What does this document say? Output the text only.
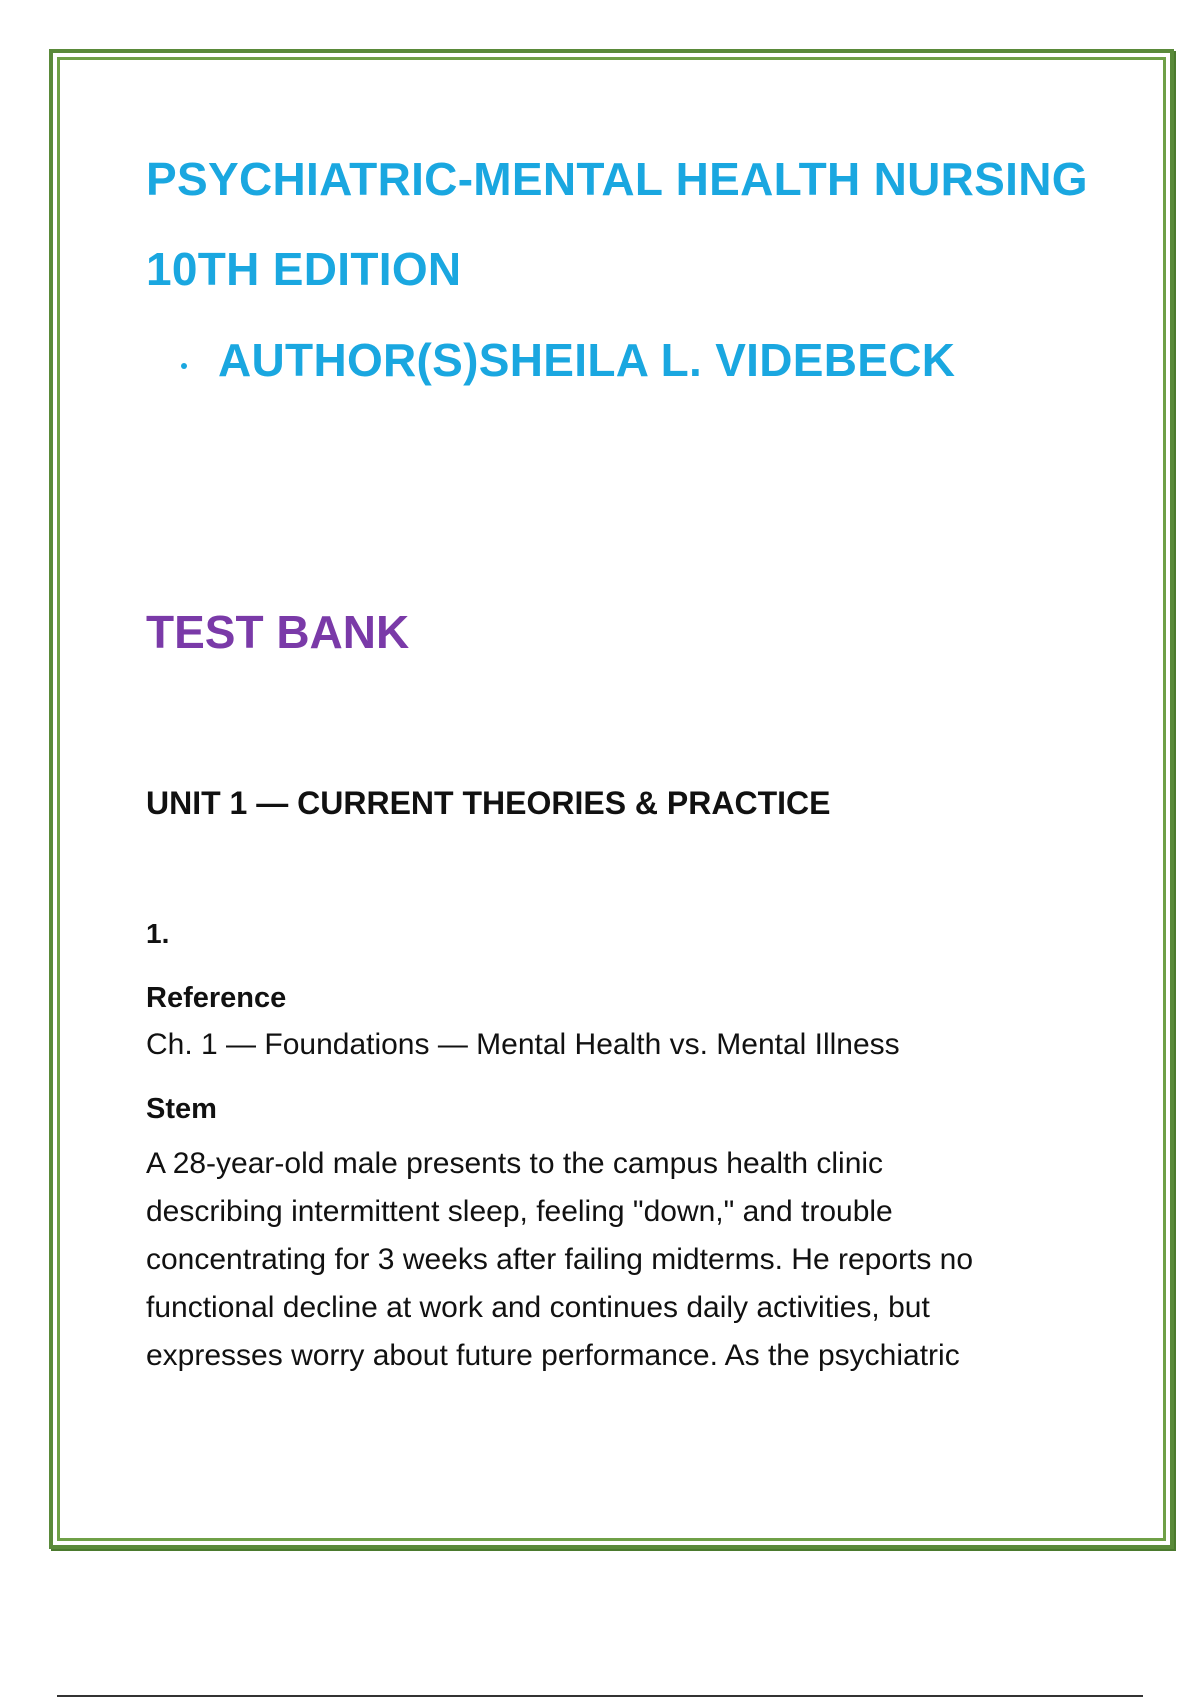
PSYCHIATRIC-MENTAL HEALTH NURSING
10TH EDITION
AUTHOR(S)SHEILA L. VIDEBECK
TEST BANK
UNIT 1 — CURRENT THEORIES & PRACTICE
1.
Reference
Ch. 1 — Foundations — Mental Health vs. Mental Illness
Stem
A 28-year-old male presents to the campus health clinic
describing intermittent sleep, feeling "down," and trouble
concentrating for 3 weeks after failing midterms. He reports no
functional decline at work and continues daily activities, but
expresses worry about future performance. As the psychiatric
